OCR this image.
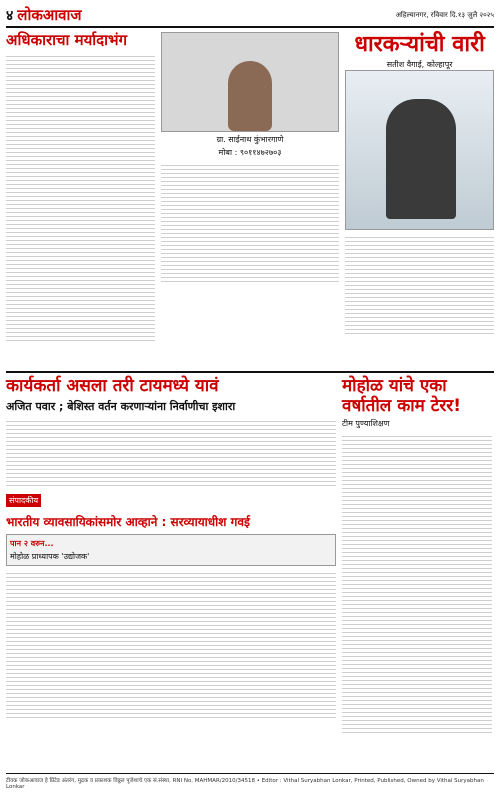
४ लोकआवाज	अहिल्यानगर, रविवार दि.१३ जुलै २०२५
अधिकाराचा मर्यादाभंग
ग्रा. साईनाथ कुंभारगाणे
मोबा : ९०११४७२७०३
धारकऱ्यांची वारी
सतीश वैगाई, कोल्हापूर
कार्यकर्ता असला तरी टायमध्ये यावं
अजित पवार ; बेशिस्त वर्तन करणाऱ्यांना निर्वाणीचा इशारा
संपादकीय
भारतीय व्यावसायिकांसमोर आव्हाने : सरव्यायाधीश गवई
पान २ वरुन...
मोहोळ प्राध्यापक 'उद्योजक'
मोहोळ यांचे एका वर्षातील काम टेरर!
टीम पुण्याशिक्षण
टीवक जोकआवाज हे प्रिंटेड अंतरंग, मुद्रक व प्रकाशक विठ्ठल पूजेशाचे एक सं.संस्था, RNI No. MAHMAR/2010/34518 • Editor : Vithal Suryabhan Lonkar, Printed, Published, Owned by Vithal Suryabhan Lonkar
